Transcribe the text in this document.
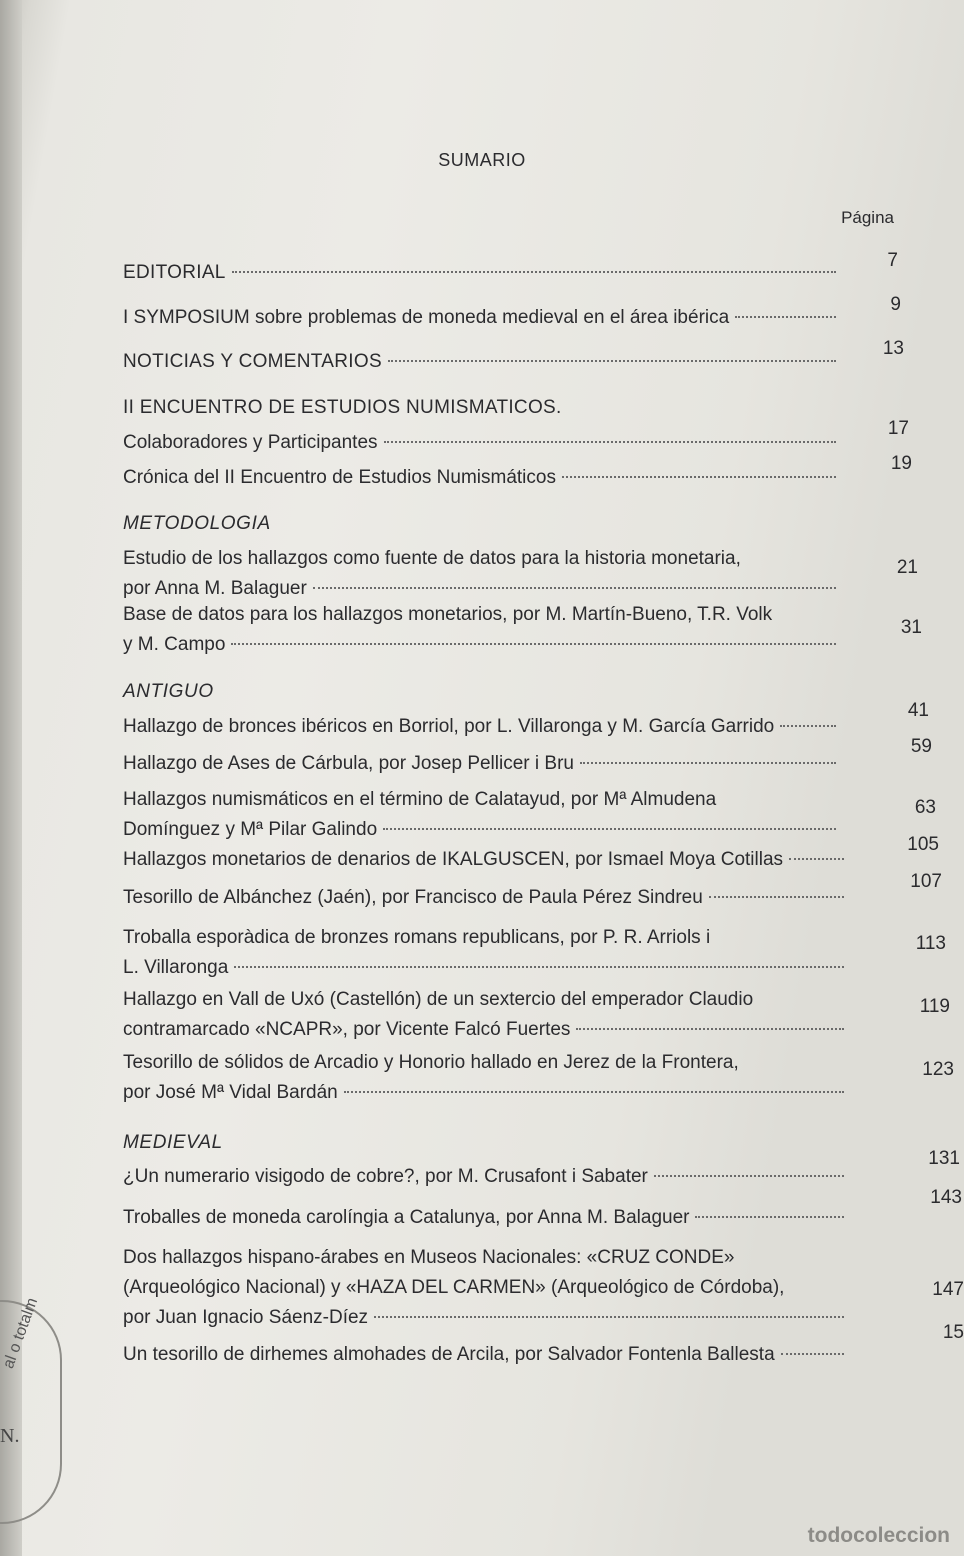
al o totalm
N.
SUMARIO
Página
EDITORIAL
7
I SYMPOSIUM sobre problemas de moneda medieval en el área ibérica
9
NOTICIAS Y COMENTARIOS
13
II ENCUENTRO DE ESTUDIOS NUMISMATICOS.
Colaboradores y Participantes
17
Crónica del II Encuentro de Estudios Numismáticos
19
METODOLOGIA
Estudio de los hallazgos como fuente de datos para la historia monetaria,
por Anna M. Balaguer
21
Base de datos para los hallazgos monetarios, por M. Martín-Bueno, T.R. Volk
y M. Campo
31
ANTIGUO
Hallazgo de bronces ibéricos en Borriol, por L. Villaronga y M. García Garrido
41
Hallazgo de Ases de Cárbula, por Josep Pellicer i Bru
59
Hallazgos numismáticos en el término de Calatayud, por Mª Almudena
Domínguez y Mª Pilar Galindo
63
Hallazgos monetarios de denarios de IKALGUSCEN, por Ismael Moya Cotillas
105
Tesorillo de Albánchez (Jaén), por Francisco de Paula Pérez Sindreu
107
Troballa esporàdica de bronzes romans republicans, por P. R. Arriols i
L. Villaronga
113
Hallazgo en Vall de Uxó (Castellón) de un sextercio del emperador Claudio
contramarcado «NCAPR», por Vicente Falcó Fuertes
119
Tesorillo de sólidos de Arcadio y Honorio hallado en Jerez de la Frontera,
por José Mª Vidal Bardán
123
MEDIEVAL
¿Un numerario visigodo de cobre?, por M. Crusafont i Sabater
131
Troballes de moneda carolíngia a Catalunya, por Anna M. Balaguer
143
Dos hallazgos hispano-árabes en Museos Nacionales: «CRUZ CONDE»
(Arqueológico Nacional) y «HAZA DEL CARMEN» (Arqueológico de Córdoba),
por Juan Ignacio Sáenz-Díez
147
Un tesorillo de dirhemes almohades de Arcila, por Salvador Fontenla Ballesta
15
todocoleccion
